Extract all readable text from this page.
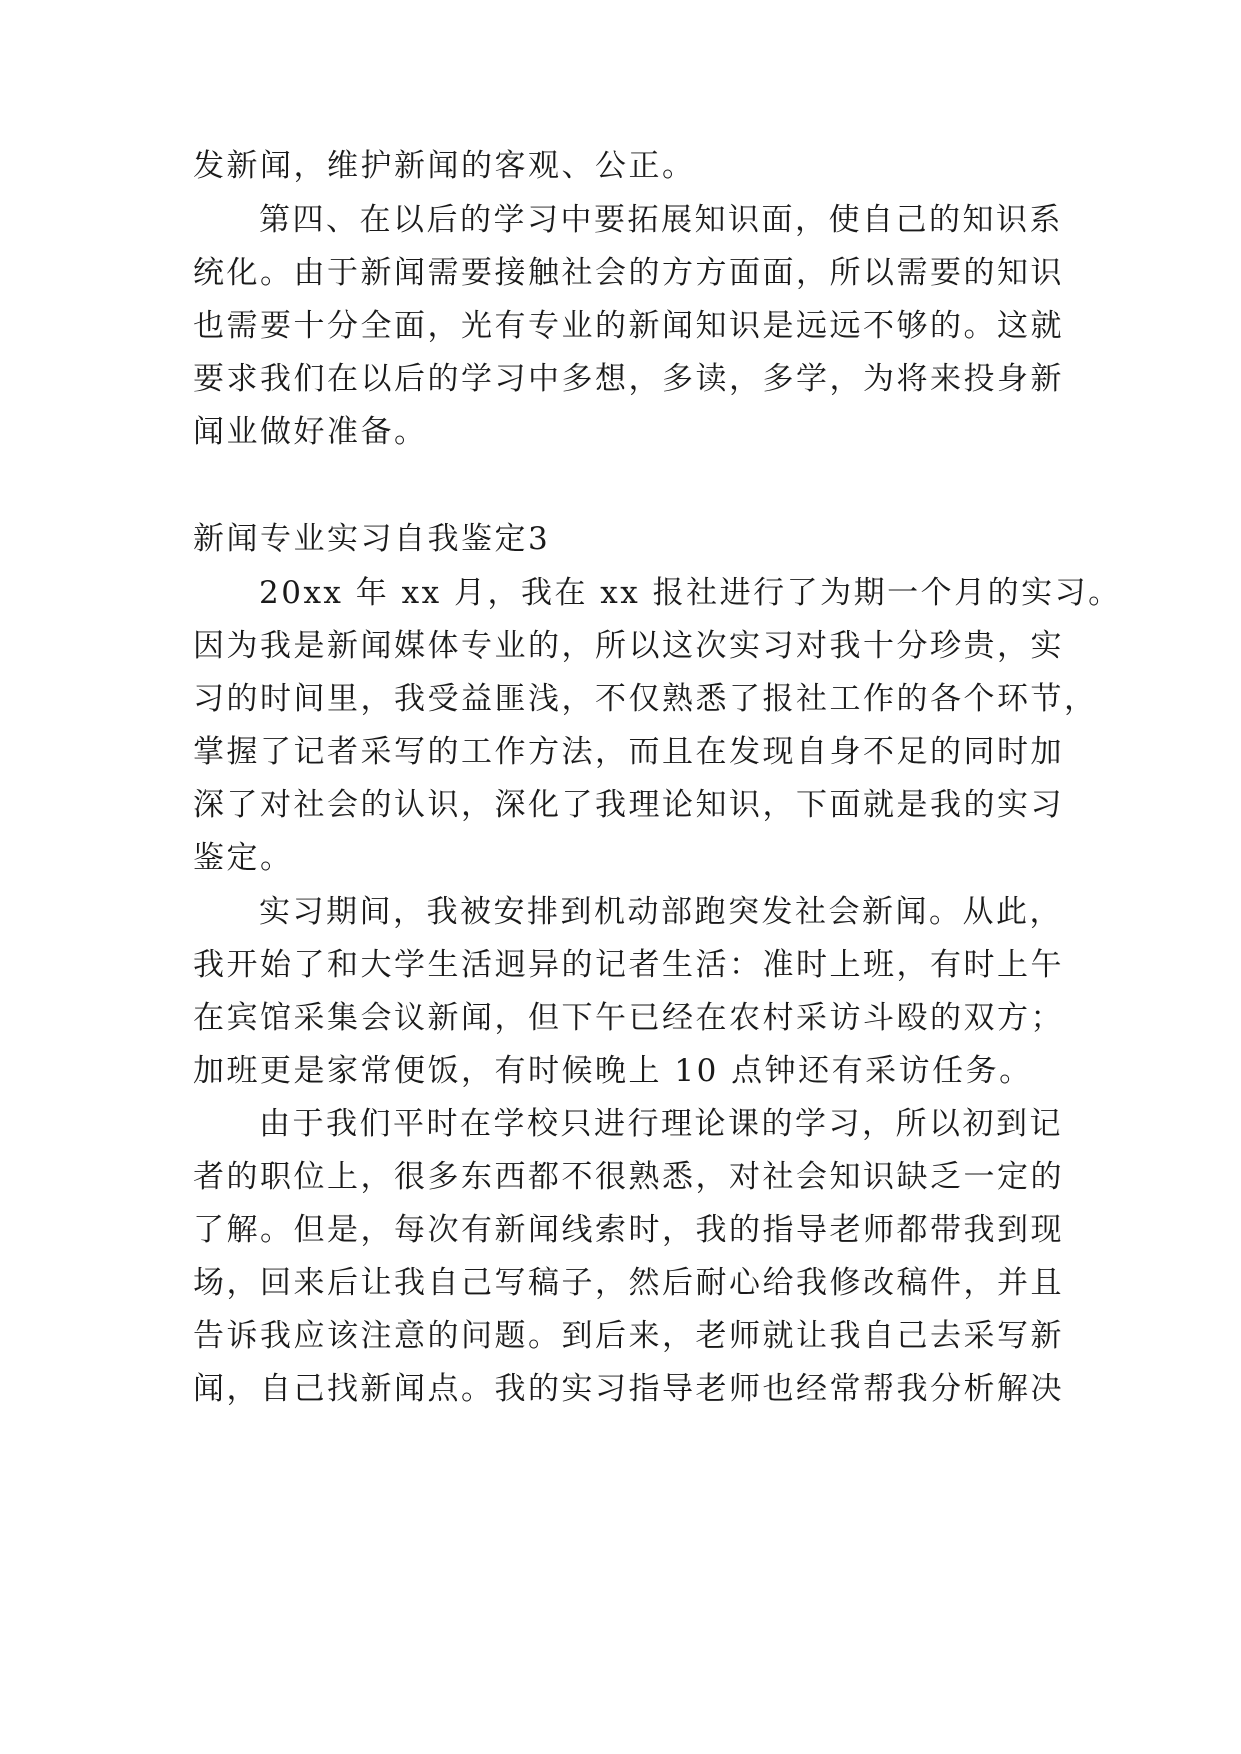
发新闻，维护新闻的客观、公正。
第四、在以后的学习中要拓展知识面，使自己的知识系
统化。由于新闻需要接触社会的方方面面，所以需要的知识
也需要十分全面，光有专业的新闻知识是远远不够的。这就
要求我们在以后的学习中多想，多读，多学，为将来投身新
闻业做好准备。
新闻专业实习自我鉴定3
20xx 年 xx 月，我在 xx 报社进行了为期一个月的实习。
因为我是新闻媒体专业的，所以这次实习对我十分珍贵，实
习的时间里，我受益匪浅，不仅熟悉了报社工作的各个环节，
掌握了记者采写的工作方法，而且在发现自身不足的同时加
深了对社会的认识，深化了我理论知识，下面就是我的实习
鉴定。
实习期间，我被安排到机动部跑突发社会新闻。从此，
我开始了和大学生活迥异的记者生活：准时上班，有时上午
在宾馆采集会议新闻，但下午已经在农村采访斗殴的双方；
加班更是家常便饭，有时候晚上 10 点钟还有采访任务。
由于我们平时在学校只进行理论课的学习，所以初到记
者的职位上，很多东西都不很熟悉，对社会知识缺乏一定的
了解。但是，每次有新闻线索时，我的指导老师都带我到现
场，回来后让我自己写稿子，然后耐心给我修改稿件，并且
告诉我应该注意的问题。到后来，老师就让我自己去采写新
闻，自己找新闻点。我的实习指导老师也经常帮我分析解决
